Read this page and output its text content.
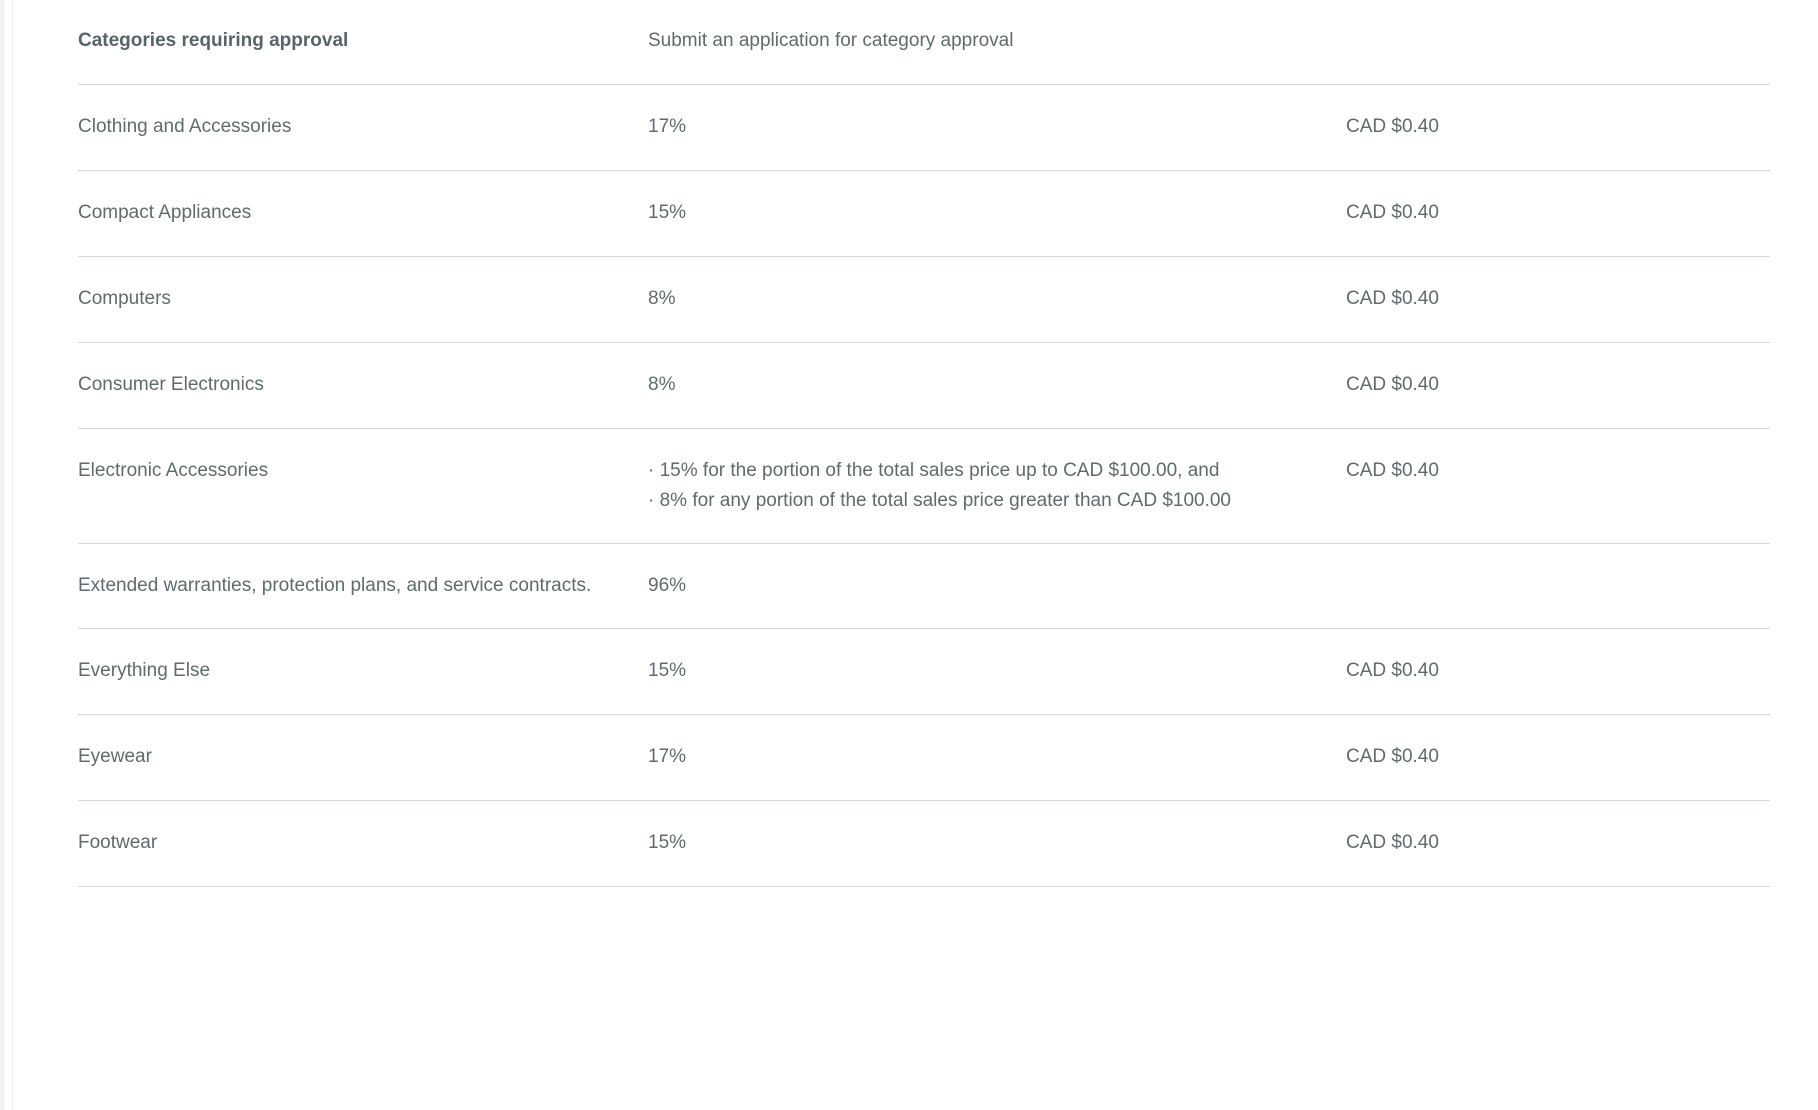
Categories requiring approval	Submit an application for category approval	
Clothing and Accessories	17%	CAD $0.40
Compact Appliances	15%	CAD $0.40
Computers	8%	CAD $0.40
Consumer Electronics	8%	CAD $0.40
Electronic Accessories	· 15% for the portion of the total sales price up to CAD $100.00, and
· 8% for any portion of the total sales price greater than CAD $100.00	CAD $0.40
Extended warranties, protection plans, and service contracts.	96%	

Everything Else	15%	CAD $0.40
Eyewear	17%	CAD $0.40
Footwear	15%	CAD $0.40
